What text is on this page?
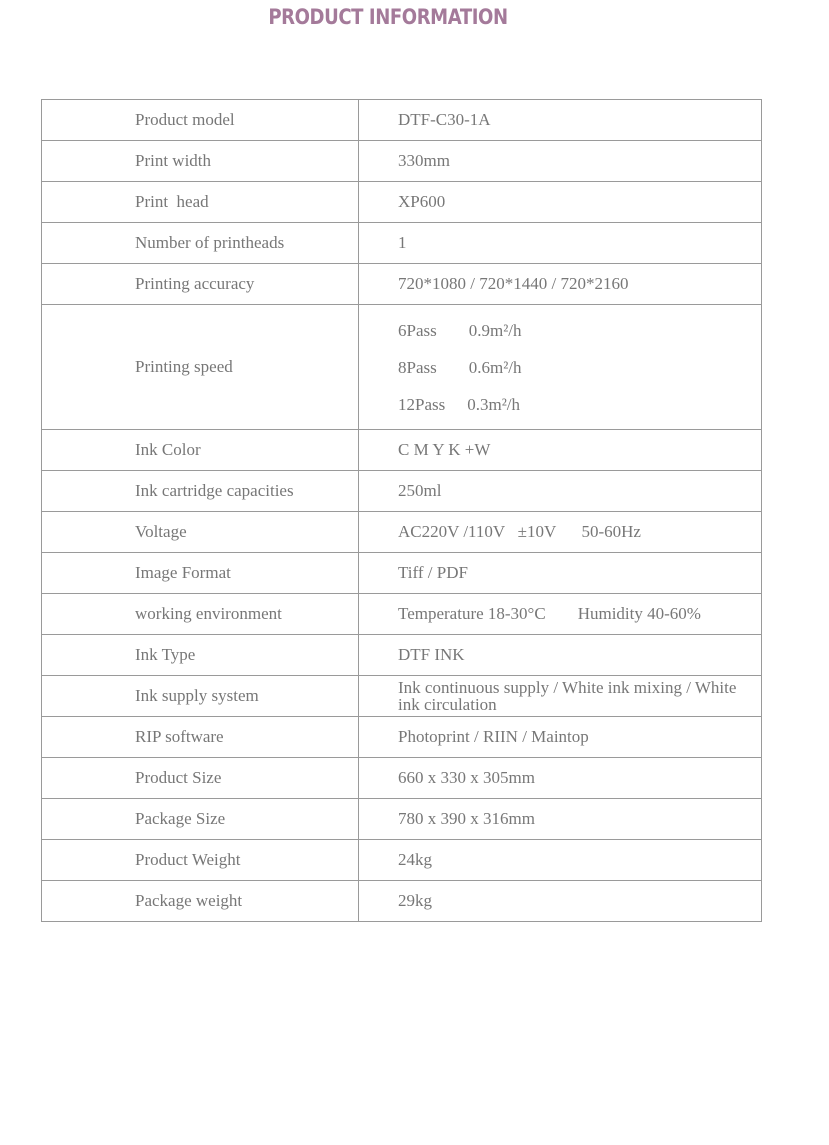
PRODUCT INFORMATION
Product model	DTF-C30-1A
Print width	330mm
Print  head	XP600
Number of printheads	1
Printing accuracy	720*1080 / 720*1440 / 720*2160
Printing speed	6Pass 0.9m²/h
8Pass 0.6m²/h
12Pass 0.3m²/h

Ink Color	C M Y K +W
Ink cartridge capacities	250ml
Voltage	AC220V /110V   ±10V      50-60Hz
Image Format	Tiff / PDF
working environment	Temperature 18-30°C Humidity 40-60%
Ink Type	DTF INK
Ink supply system	Ink continuous supply / White ink mixing / White ink circulation
RIP software	Photoprint / RIIN / Maintop
Product Size	660 x 330 x 305mm
Package Size	780 x 390 x 316mm
Product Weight	24kg
Package weight	29kg
